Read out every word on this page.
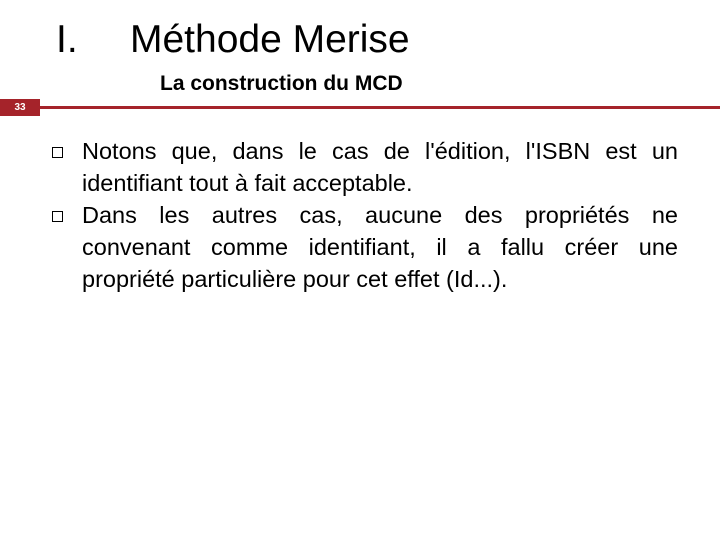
I. Méthode Merise
La construction du MCD
33
Notons que, dans le cas de l'édition, l'ISBN est un identifiant tout à fait acceptable.
Dans les autres cas, aucune des propriétés ne convenant comme identifiant, il a fallu créer une propriété particulière pour cet effet (Id...).
